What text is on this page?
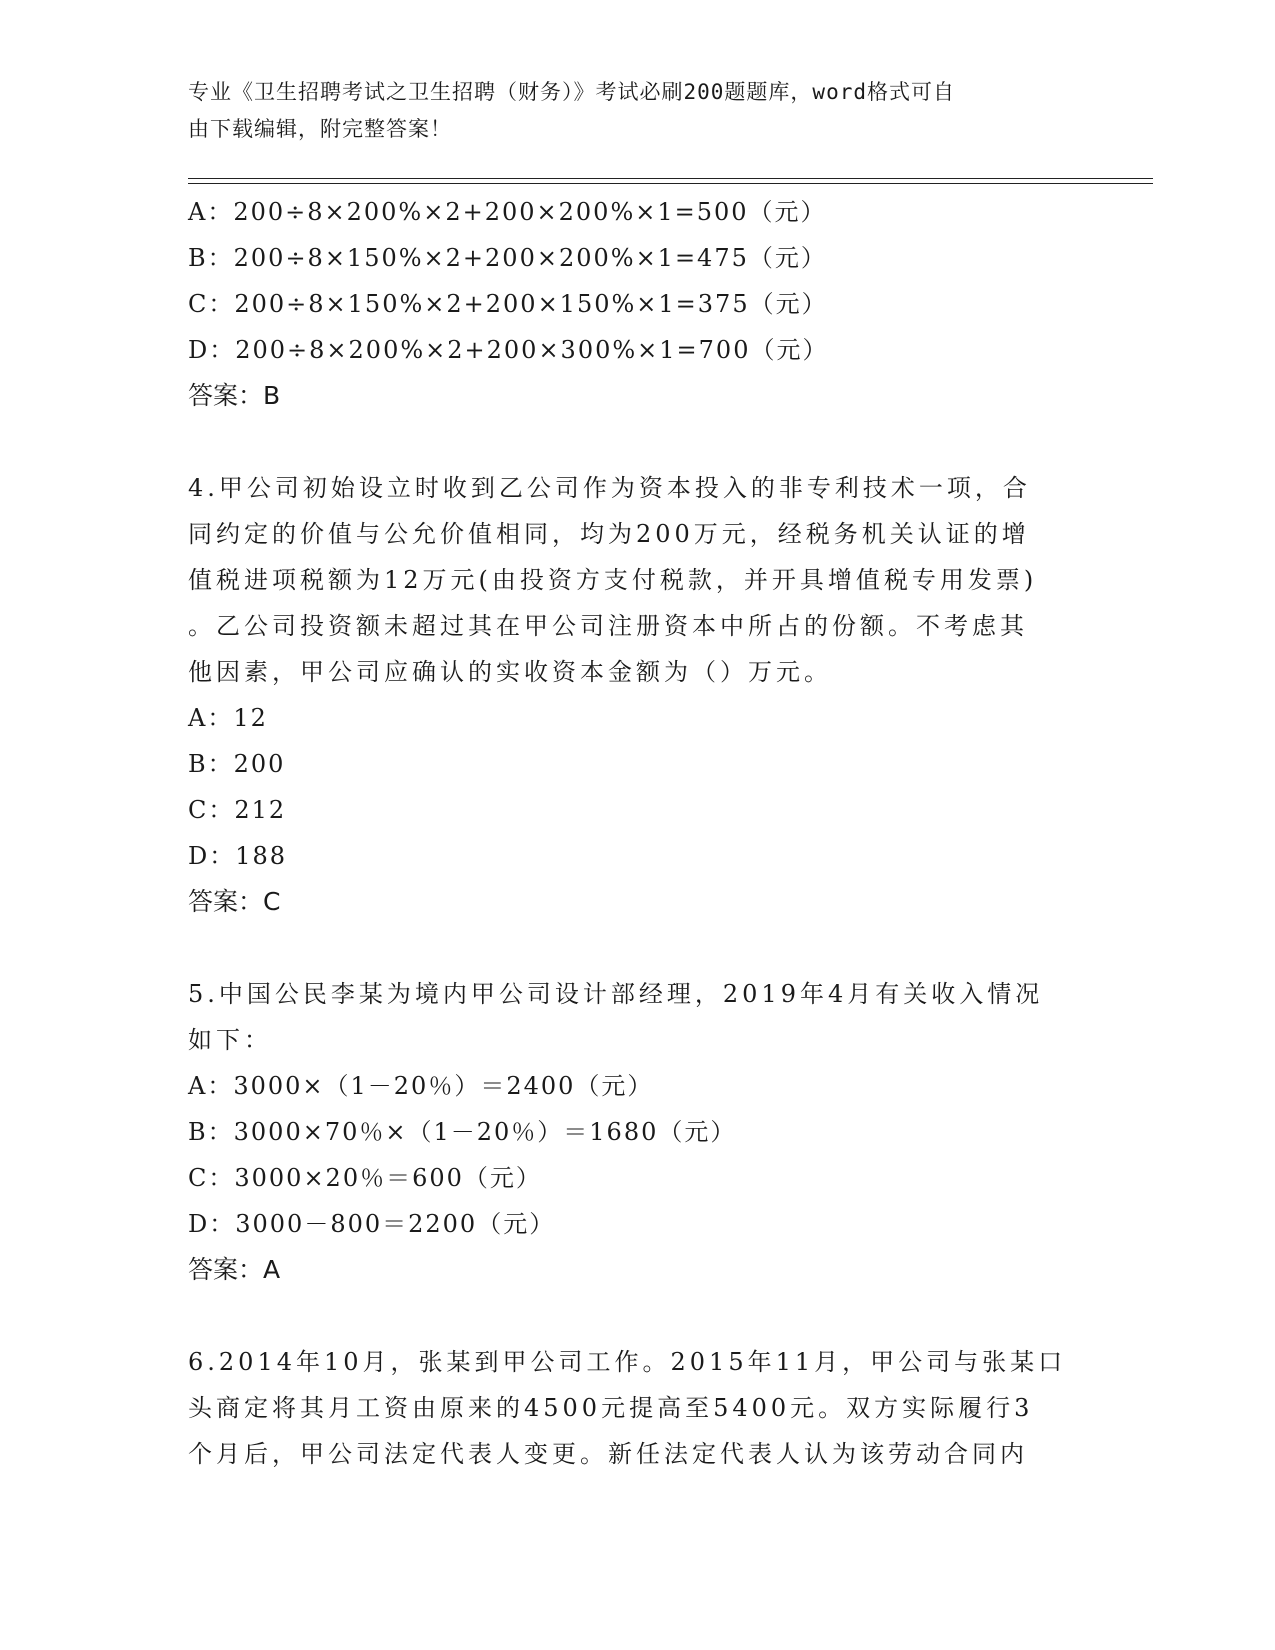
专业《卫生招聘考试之卫生招聘（财务）》考试必刷200题题库，word格式可自
由下载编辑，附完整答案！
A：200÷8×200%×2+200×200%×1=500（元）
B：200÷8×150%×2+200×200%×1=475（元）
C：200÷8×150%×2+200×150%×1=375（元）
D：200÷8×200%×2+200×300%×1=700（元）
答案：B
4.甲公司初始设立时收到乙公司作为资本投入的非专利技术一项，合
同约定的价值与公允价值相同，均为200万元，经税务机关认证的增
值税进项税额为12万元(由投资方支付税款，并开具增值税专用发票)
。乙公司投资额未超过其在甲公司注册资本中所占的份额。不考虑其
他因素，甲公司应确认的实收资本金额为（）万元。
A：12
B：200
C：212
D：188
答案：C
5.中国公民李某为境内甲公司设计部经理，2019年4月有关收入情况
如下：
A：3000×（1－20％）＝2400（元）
B：3000×70％×（1－20％）＝1680（元）
C：3000×20％＝600（元）
D：3000－800＝2200（元）
答案：A
6.2014年10月，张某到甲公司工作。2015年11月，甲公司与张某口
头商定将其月工资由原来的4500元提高至5400元。双方实际履行3
个月后，甲公司法定代表人变更。新任法定代表人认为该劳动合同内
